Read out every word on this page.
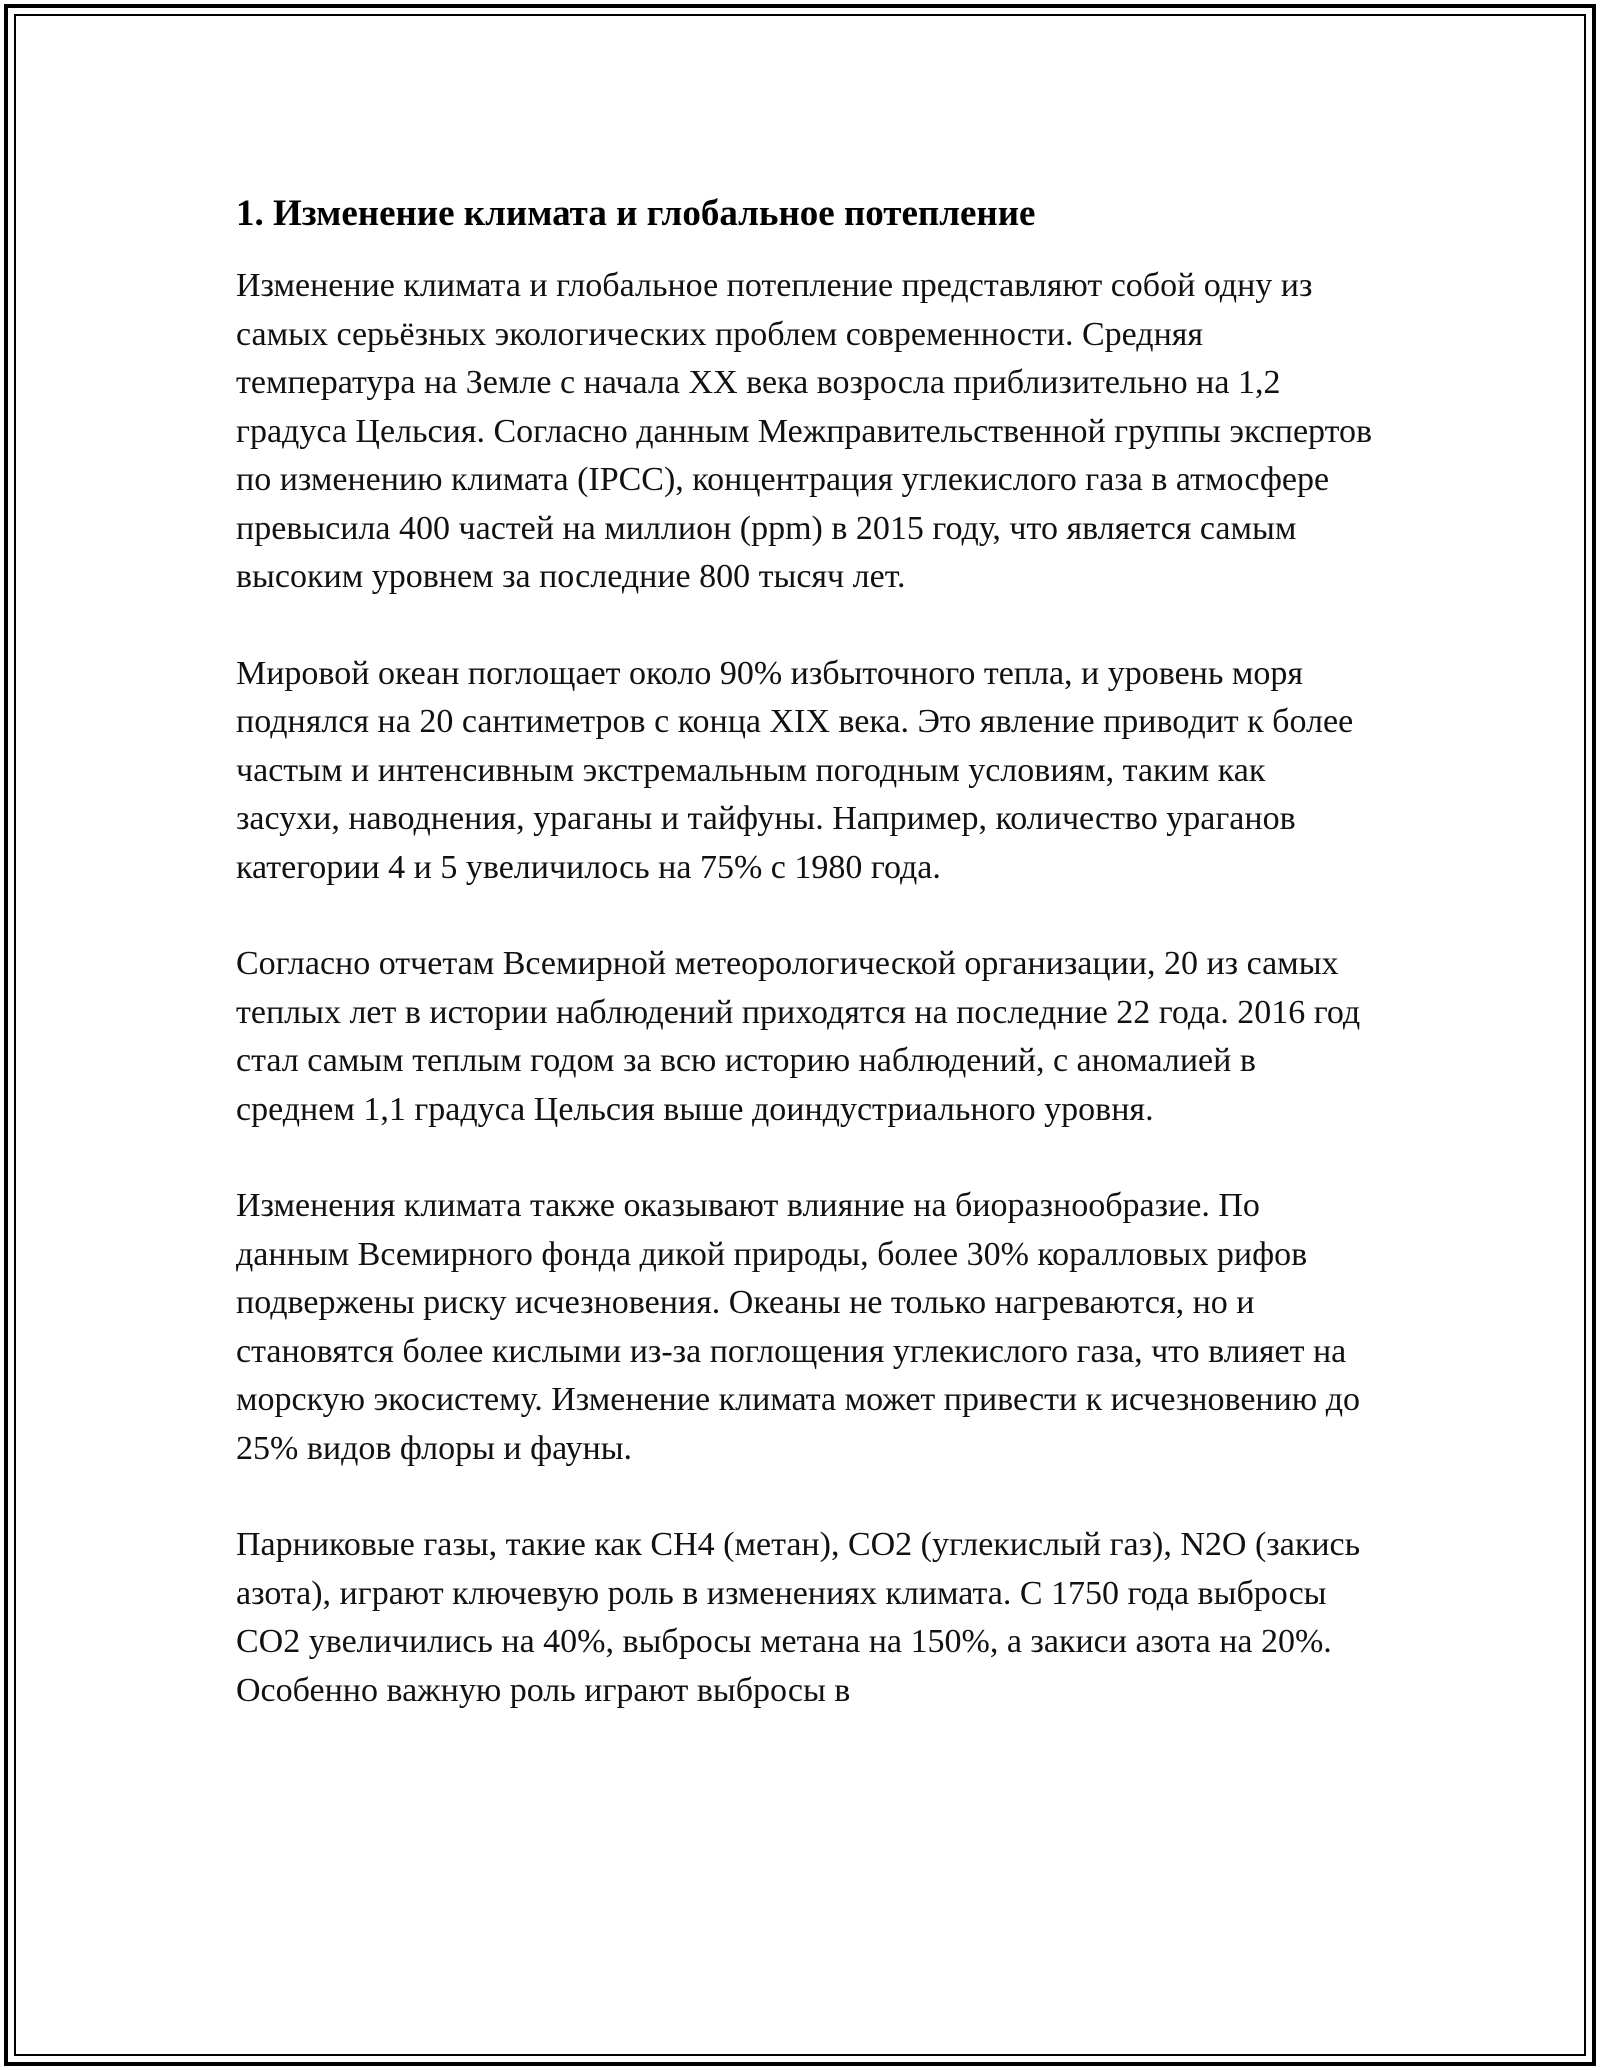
1. Изменение климата и глобальное потепление

Изменение климата и глобальное потепление представляют собой одну из самых серьёзных экологических проблем современности. Средняя температура на Земле с начала XX века возросла приблизительно на 1,2 градуса Цельсия. Согласно данным Межправительственной группы экспертов по изменению климата (IPCC), концентрация углекислого газа в атмосфере превысила 400 частей на миллион (ppm) в 2015 году, что является самым высоким уровнем за последние 800 тысяч лет.

Мировой океан поглощает около 90% избыточного тепла, и уровень моря поднялся на 20 сантиметров с конца XIX века. Это явление приводит к более частым и интенсивным экстремальным погодным условиям, таким как засухи, наводнения, ураганы и тайфуны. Например, количество ураганов категории 4 и 5 увеличилось на 75% с 1980 года.

Согласно отчетам Всемирной метеорологической организации, 20 из самых теплых лет в истории наблюдений приходятся на последние 22 года. 2016 год стал самым теплым годом за всю историю наблюдений, с аномалией в среднем 1,1 градуса Цельсия выше доиндустриального уровня.

Изменения климата также оказывают влияние на биоразнообразие. По данным Всемирного фонда дикой природы, более 30% коралловых рифов подвержены риску исчезновения. Океаны не только нагреваются, но и становятся более кислыми из-за поглощения углекислого газа, что влияет на морскую экосистему. Изменение климата может привести к исчезновению до 25% видов флоры и фауны.

Парниковые газы, такие как CH4 (метан), CO2 (углекислый газ), N2O (закись азота), играют ключевую роль в изменениях климата. С 1750 года выбросы CO2 увеличились на 40%, выбросы метана на 150%, а закиси азота на 20%. Особенно важную роль играют выбросы в
